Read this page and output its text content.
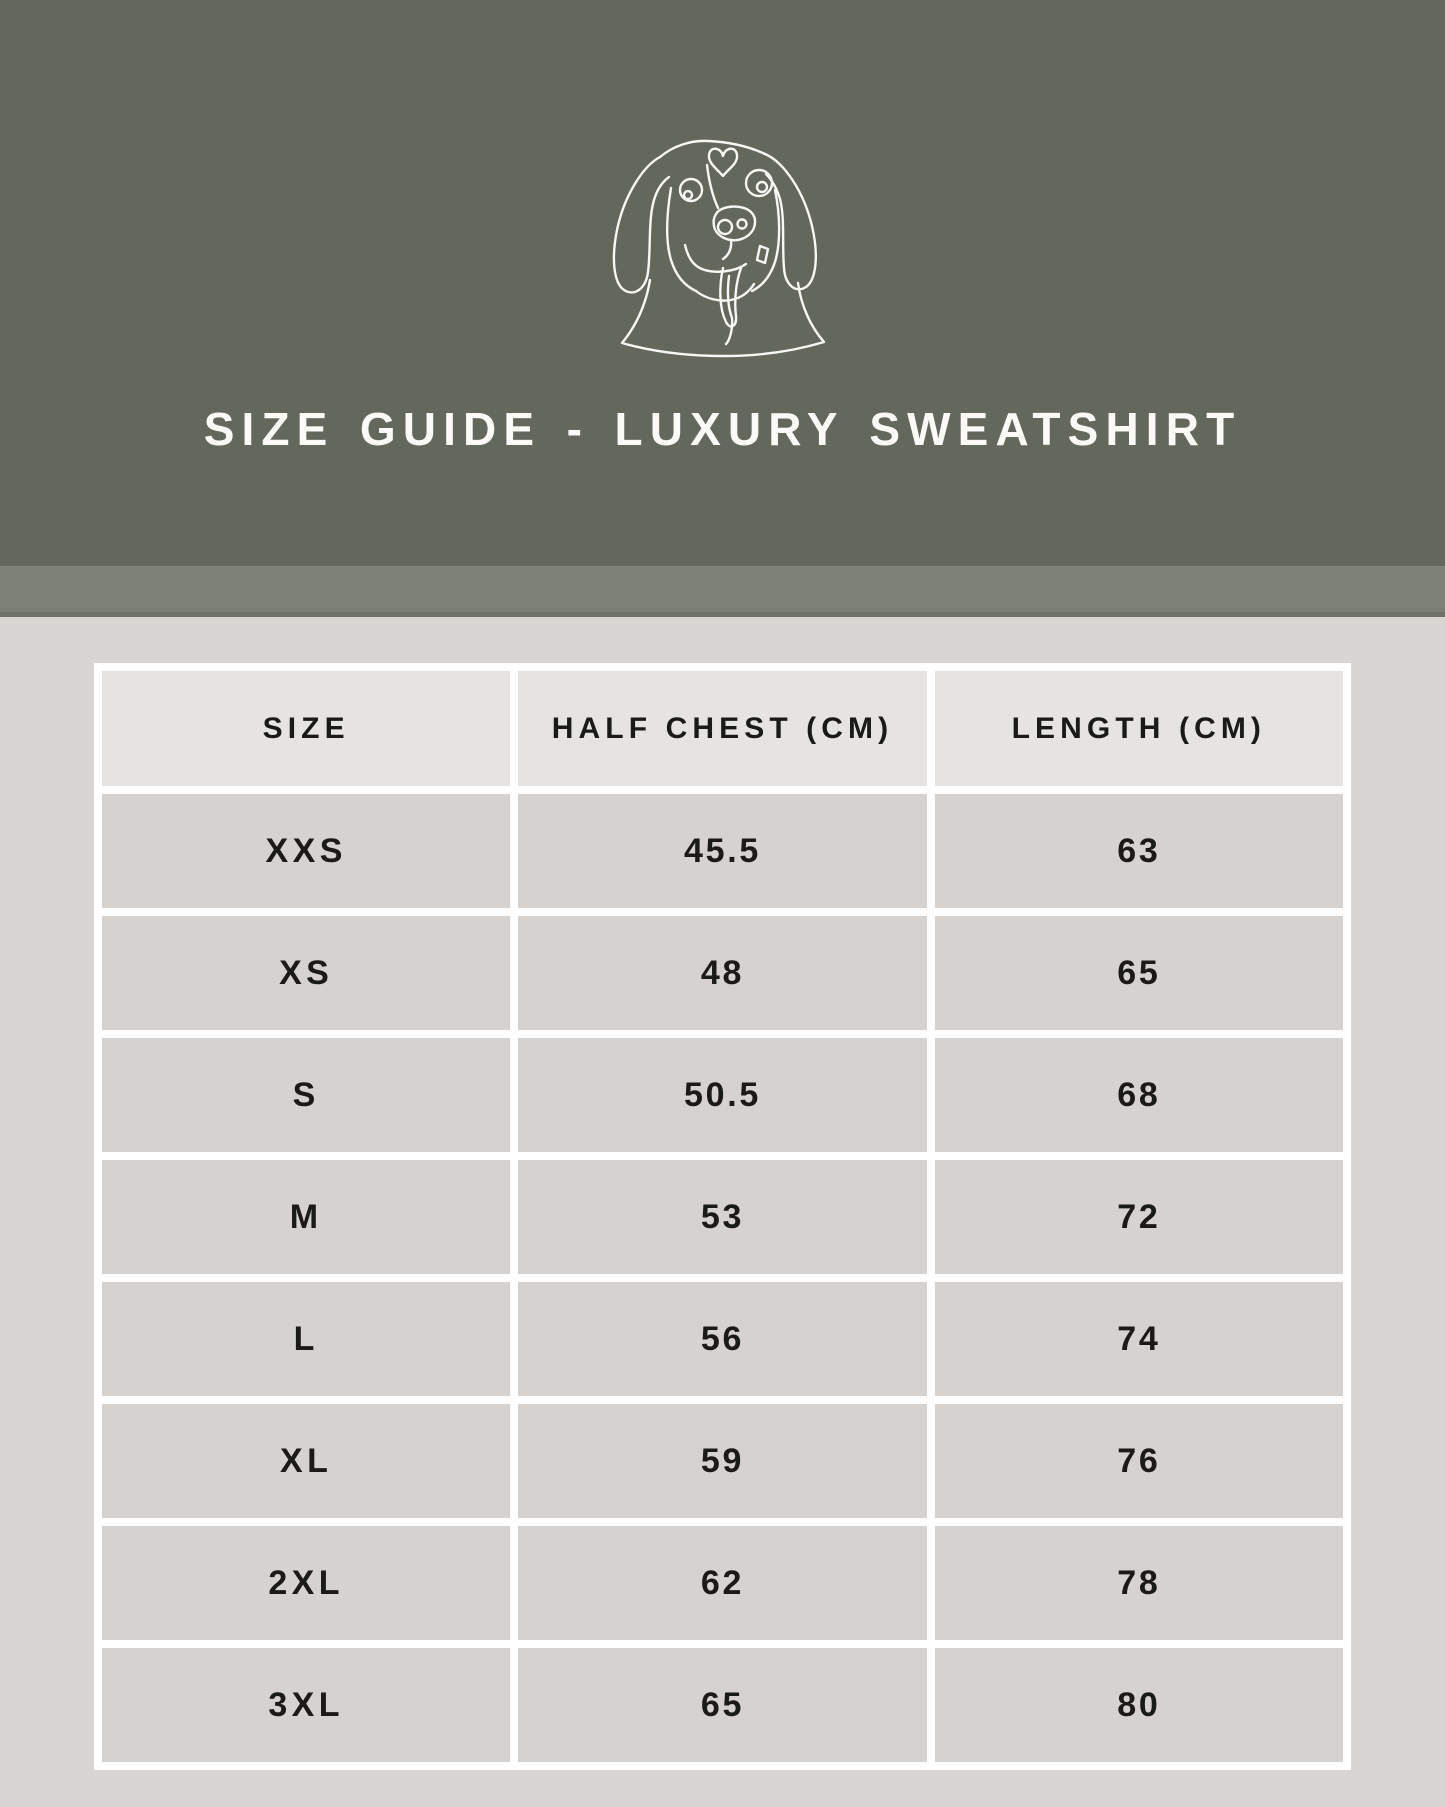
SIZE GUIDE - LUXURY SWEATSHIRT
SIZE	HALF CHEST (CM)	LENGTH (CM)
XXS	45.5	63
XS	48	65
S	50.5	68
M	53	72
L	56	74
XL	59	76
2XL	62	78
3XL	65	80
